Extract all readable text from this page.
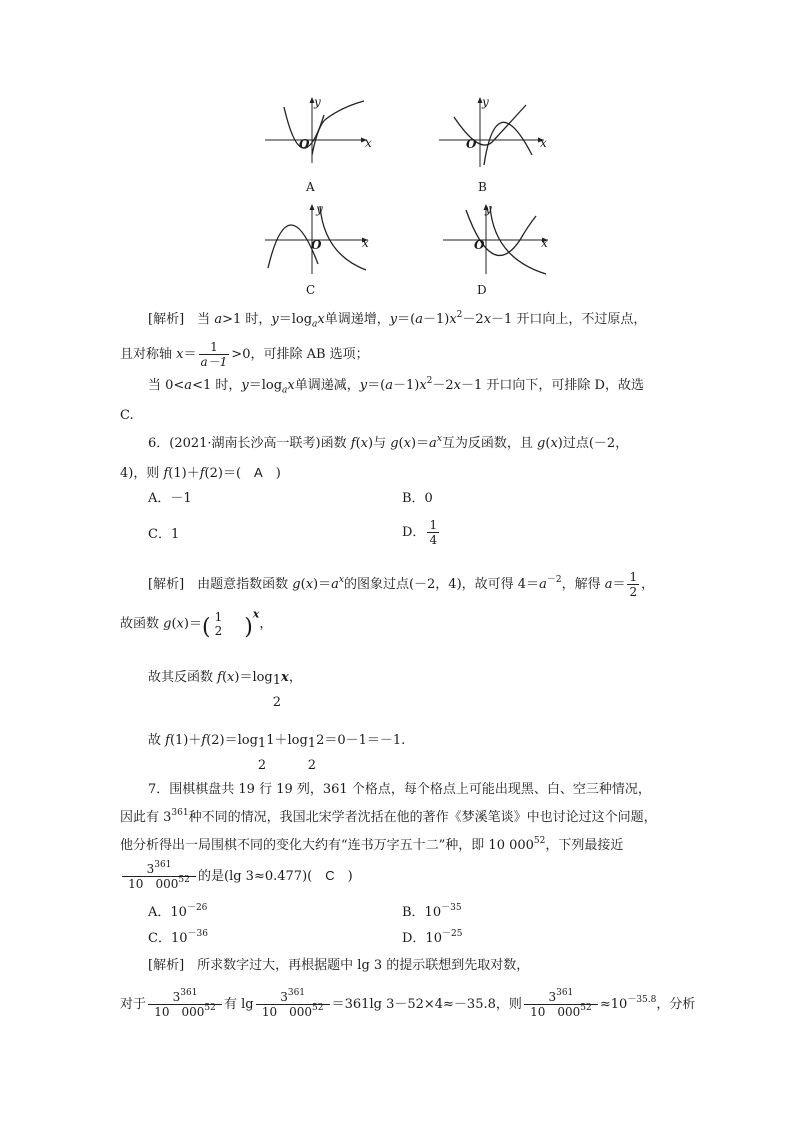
O	x
y
A
O	x
y
B
O	x
y
C
O	x
y
D
[解析]　 当 a>1 时，$y=\log_ax$单调递增，$y=(a-1)x^2-2x-1$ 开口向上，不过原点，
且对称轴 $x= \frac{1}{a-1} >0$，可排除 AB 选项；
当 0<a<1 时，$y=\log_ax$单调递减，$y=(a-1)x^2-2x-1$ 开口向下，可排除 D，故选
C.
6．(2021·湖南长沙高一联考)函数 f(x)与 $g(x)=a^x$互为反函数，且 g(x)过点(－2，
4)，则 f(1)＋f(2)＝(　A　)
A．－1	B．0
C．1	D． $\frac{1}{4}$
[解析]　由题意指数函数 $g(x)=a^x$的图象过点(－2，4)，故可得 $4=a^{-2}$，解得 $a= \frac{1}{2}$ ，
故函数 g(x)＝( 1
2 )$^x$，
故其反函数 f(x)＝log 1
2
x，
故 f(1)＋f(2)＝log 1
2
1＋log 1
2
2＝0－1＝－1.
7．围棋棋盘共 19 行 19 列，361 个格点，每个格点上可能出现黑、白、空三种情况，
因此有 $3^{361}$种不同的情况，我国北宋学者沈括在他的著作《梦溪笔谈》中也讨论过这个问题，
他分析得出一局围棋不同的变化大约有“连书万字五十二”种，即 10 $000^{52}$，下列最接近
$\frac{3^{361}}{10 000^{52}}$ 的是(lg 3≈0.477)(　C　)
A．$10^{-26}$	B．$10^{-35}$
C．$10^{-36}$	D．$10^{-25}$
[解析]　所求数字过大，再根据题中 lg 3 的提示联想到先取对数，
对于 $\frac{3^{361}}{10 000^{52}}$ 有 $\lg \frac{3^{361}}{10 000^{52}} =361\lg$ 3－52×4≈－35.8，则 $\frac{3^{361}}{10 000^{52}} \approx 10^{-35.8}$，分析
